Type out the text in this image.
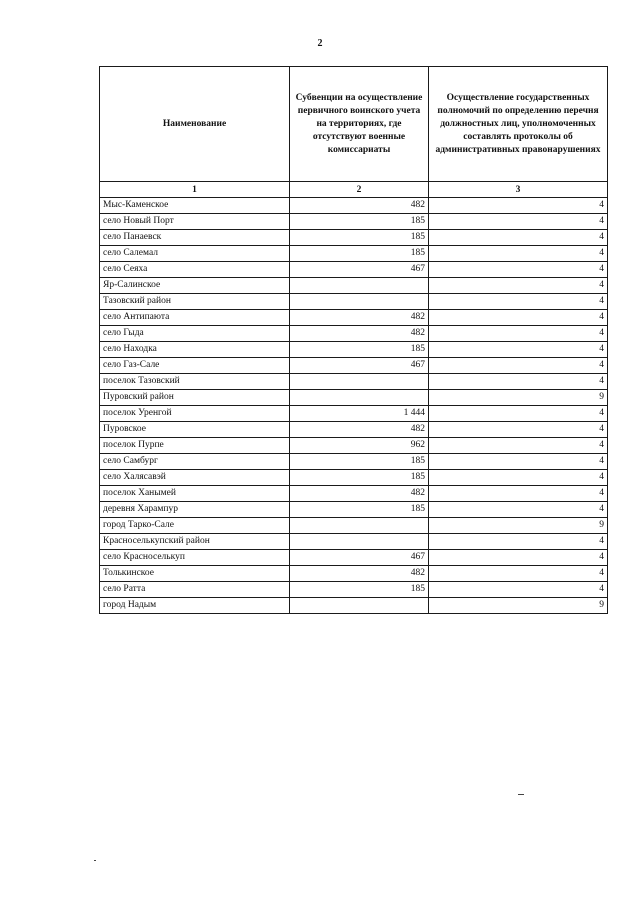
2
Наименование	Субвенции на осуществление первичного воинского учета на территориях, где отсутствуют военные комиссариаты	Осуществление государственных полномочий по определению перечня должностных лиц, уполномоченных составлять протоколы об административных правонарушениях
1	2	3
Мыс-Каменское	482	4
село Новый Порт	185	4
село Панаевск	185	4
село Салемал	185	4
село Сеяха	467	4
Яр-Салинское		4
Тазовский район		4
село Антипаюта	482	4
село Гыда	482	4
село Находка	185	4
село Газ-Сале	467	4
поселок Тазовский		4
Пуровский район		9
поселок Уренгой	1 444	4
Пуровское	482	4
поселок Пурпе	962	4
село Самбург	185	4
село Халясавэй	185	4
поселок Ханымей	482	4
деревня Харампур	185	4
город Тарко-Сале		9
Красноселькупский район		4
село Красноселькуп	467	4
Толькинское	482	4
село Ратта	185	4
город Надым		9
